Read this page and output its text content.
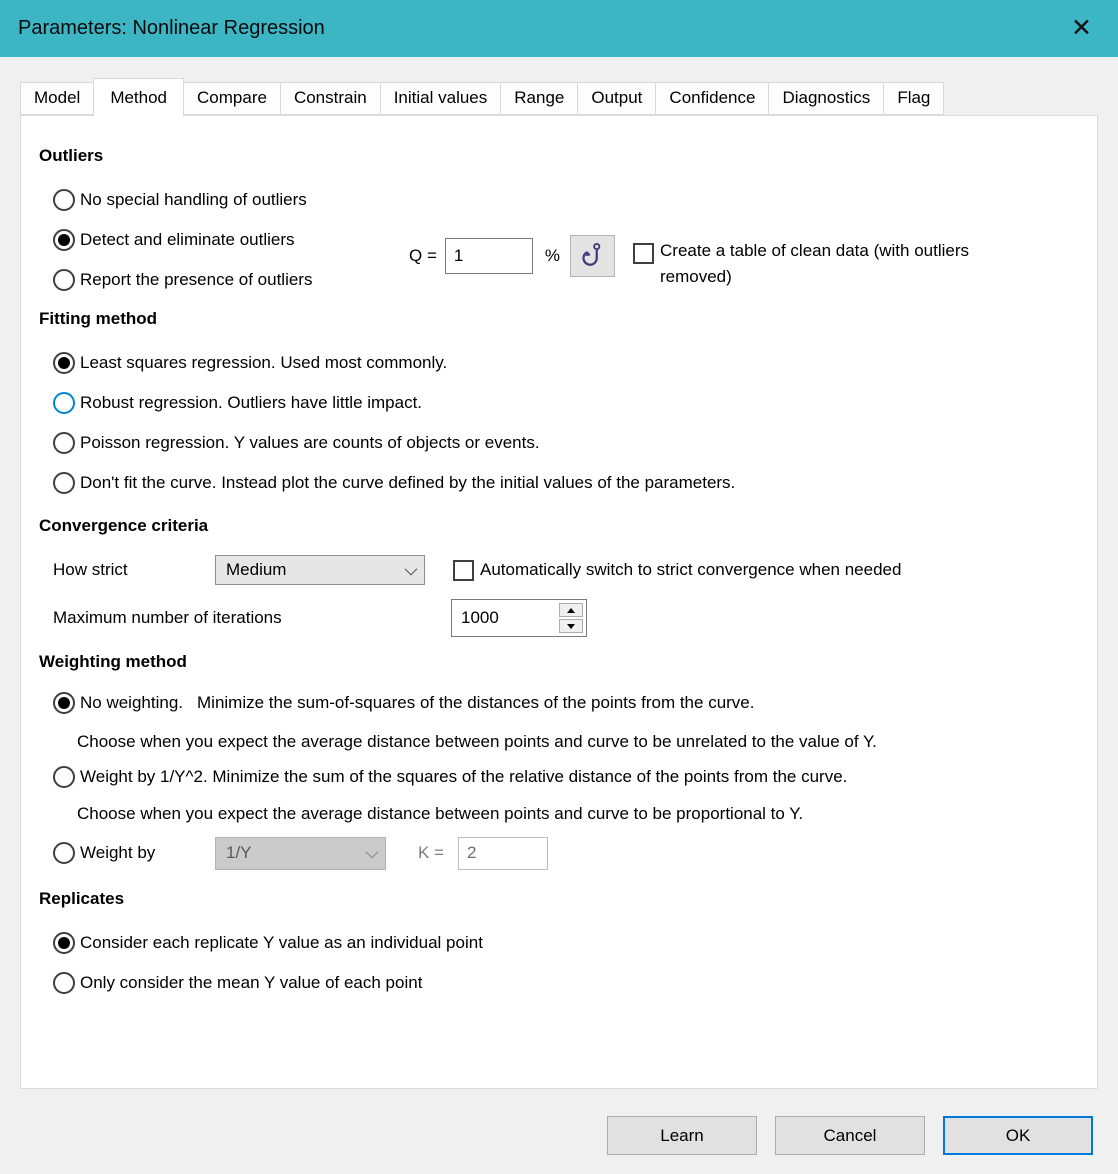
Parameters: Nonlinear Regression	✕
Model	Method	Compare	Constrain	Initial values	Range	Output	Confidence	Diagnostics	Flag
Outliers
No special handling of outliers
Detect and eliminate outliers
Report the presence of outliers
Q =
1	%	Create a table of clean data (with outliers removed)
Fitting method
Least squares regression. Used most commonly.
Robust regression. Outliers have little impact.
Poisson regression. Y values are counts of objects or events.
Don't fit the curve. Instead plot the curve defined by the initial values of the parameters.
Convergence criteria
How strict	Medium	Automatically switch to strict convergence when needed
Maximum number of iterations	1000
Weighting method
No weighting. Minimize the sum-of-squares of the distances of the points from the curve.
Choose when you expect the average distance between points and curve to be unrelated to the value of Y.
Weight by 1/Y^2. Minimize the sum of the squares of the relative distance of the points from the curve.
Choose when you expect the average distance between points and curve to be proportional to Y.
Weight by	1/Y	K =
2
Replicates
Consider each replicate Y value as an individual point
Only consider the mean Y value of each point
Learn	Cancel	OK
